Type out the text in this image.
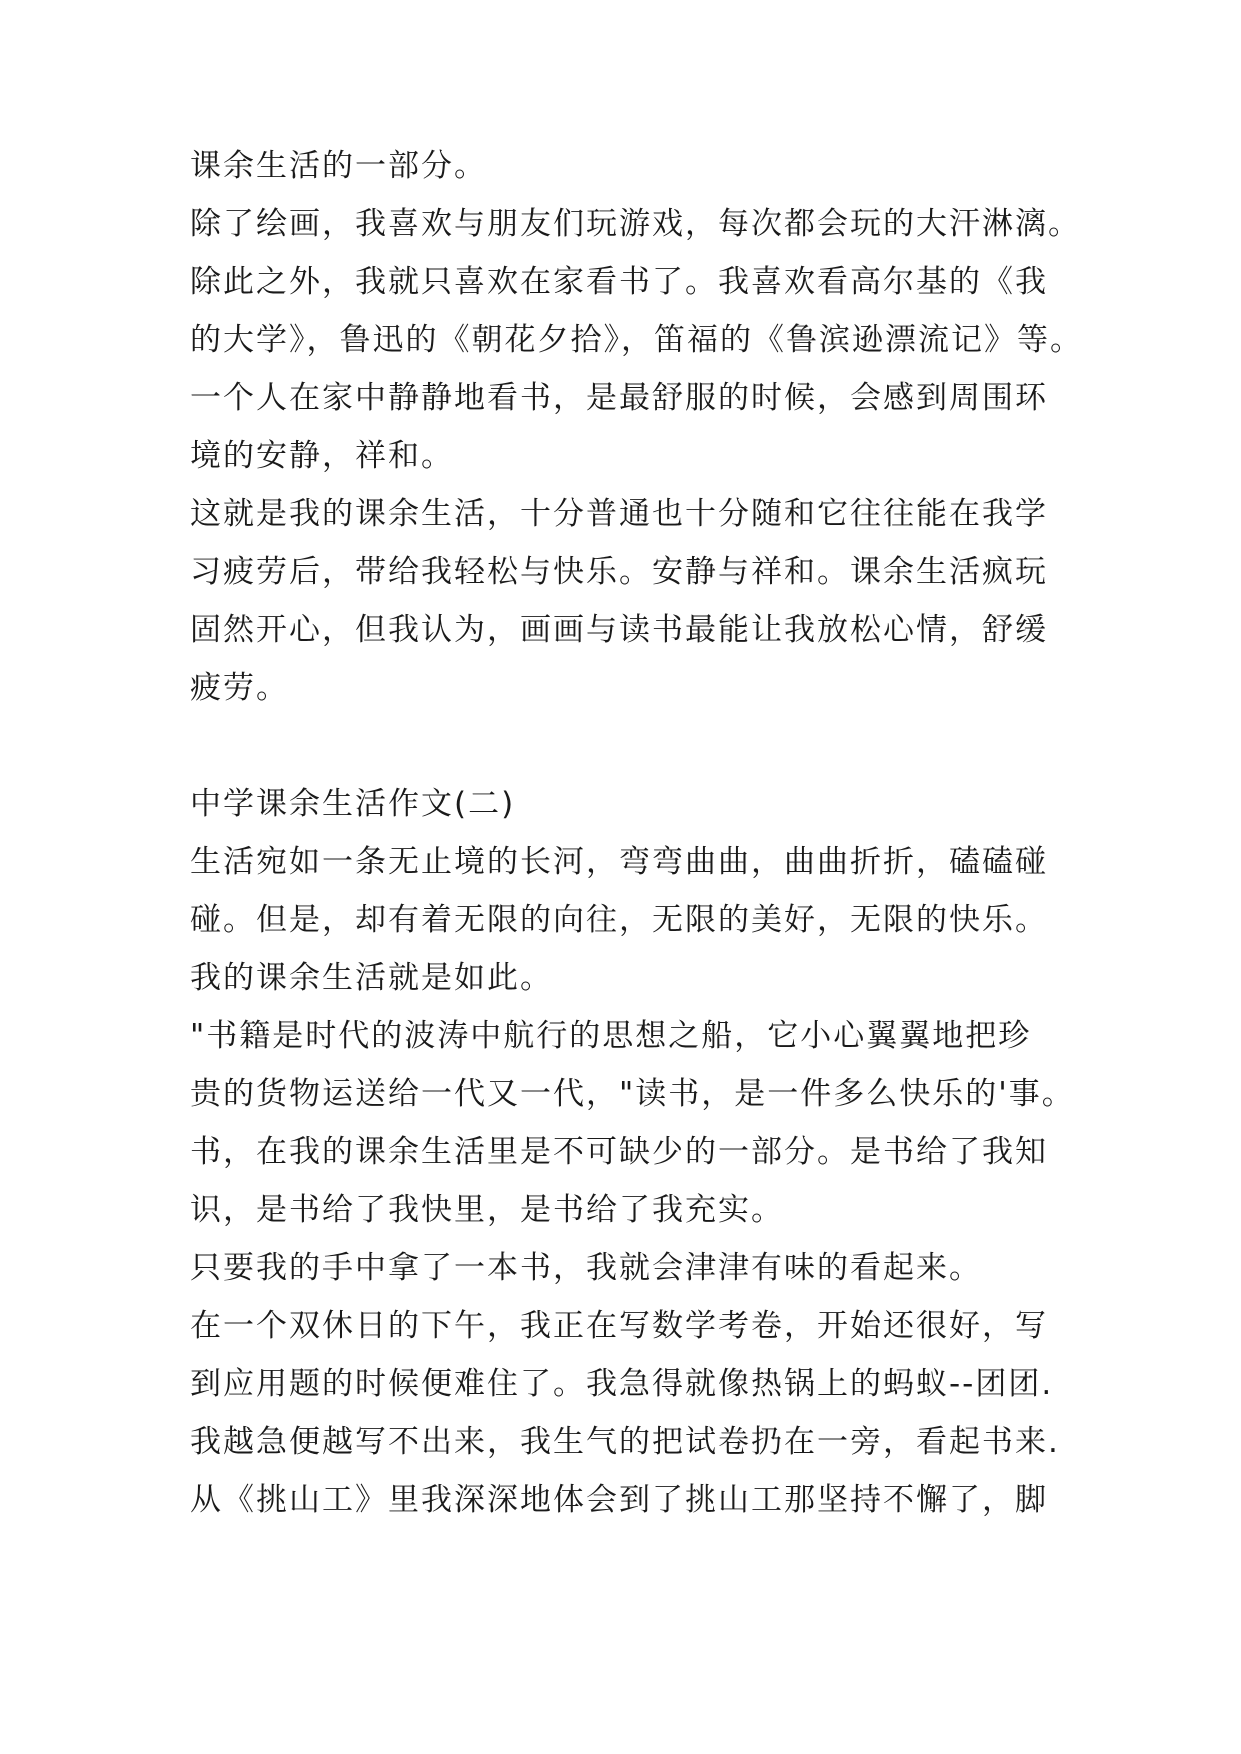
课余生活的一部分。
除了绘画，我喜欢与朋友们玩游戏，每次都会玩的大汗淋漓。
除此之外，我就只喜欢在家看书了。我喜欢看高尔基的《我
的大学》，鲁迅的《朝花夕拾》，笛福的《鲁滨逊漂流记》等。
一个人在家中静静地看书，是最舒服的时候，会感到周围环
境的安静，祥和。
这就是我的课余生活，十分普通也十分随和它往往能在我学
习疲劳后，带给我轻松与快乐。安静与祥和。课余生活疯玩
固然开心，但我认为，画画与读书最能让我放松心情，舒缓
疲劳。
中学课余生活作文(二)
生活宛如一条无止境的长河，弯弯曲曲，曲曲折折，磕磕碰
碰。但是，却有着无限的向往，无限的美好，无限的快乐。
我的课余生活就是如此。
"书籍是时代的波涛中航行的思想之船，它小心翼翼地把珍
贵的货物运送给一代又一代，"读书，是一件多么快乐的'事。
书，在我的课余生活里是不可缺少的一部分。是书给了我知
识，是书给了我快里，是书给了我充实。
只要我的手中拿了一本书，我就会津津有味的看起来。
在一个双休日的下午，我正在写数学考卷，开始还很好，写
到应用题的时候便难住了。我急得就像热锅上的蚂蚁--团团.
我越急便越写不出来，我生气的把试卷扔在一旁，看起书来.
从《挑山工》里我深深地体会到了挑山工那坚持不懈了，脚
